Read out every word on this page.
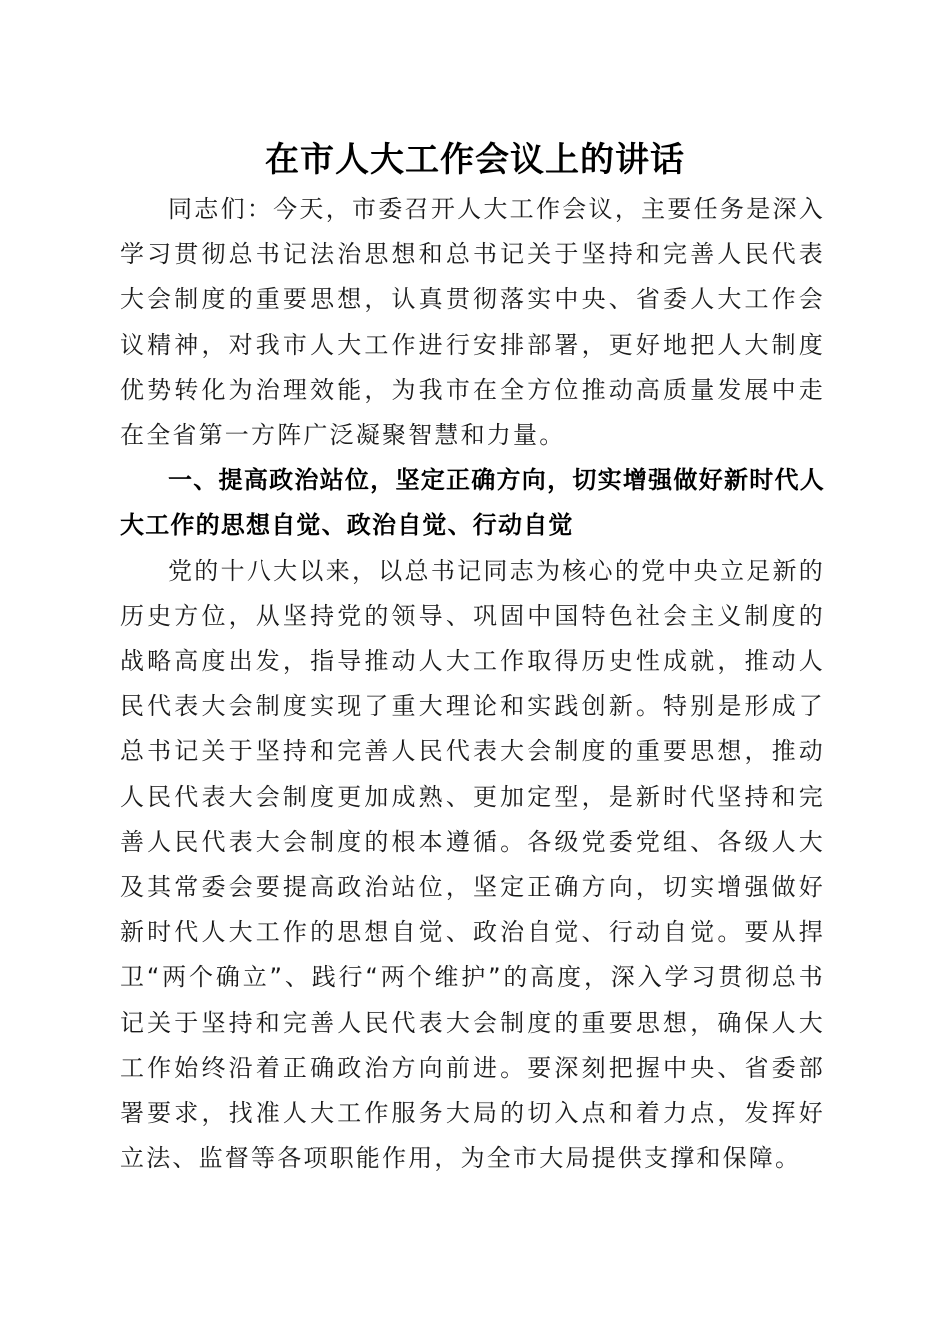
在市人大工作会议上的讲话

同志们：今天，市委召开人大工作会议，主要任务是深入学习贯彻总书记法治思想和总书记关于坚持和完善人民代表大会制度的重要思想，认真贯彻落实中央、省委人大工作会议精神，对我市人大工作进行安排部署，更好地把人大制度优势转化为治理效能，为我市在全方位推动高质量发展中走在全省第一方阵广泛凝聚智慧和力量。

一、提高政治站位，坚定正确方向，切实增强做好新时代人大工作的思想自觉、政治自觉、行动自觉

党的十八大以来，以总书记同志为核心的党中央立足新的历史方位，从坚持党的领导、巩固中国特色社会主义制度的战略高度出发，指导推动人大工作取得历史性成就，推动人民代表大会制度实现了重大理论和实践创新。特别是形成了总书记关于坚持和完善人民代表大会制度的重要思想，推动人民代表大会制度更加成熟、更加定型，是新时代坚持和完善人民代表大会制度的根本遵循。各级党委党组、各级人大及其常委会要提高政治站位，坚定正确方向，切实增强做好新时代人大工作的思想自觉、政治自觉、行动自觉。要从捍卫“两个确立”、践行“两个维护”的高度，深入学习贯彻总书记关于坚持和完善人民代表大会制度的重要思想，确保人大工作始终沿着正确政治方向前进。要深刻把握中央、省委部署要求，找准人大工作服务大局的切入点和着力点，发挥好立法、监督等各项职能作用，为全市大局提供支撑和保障。
